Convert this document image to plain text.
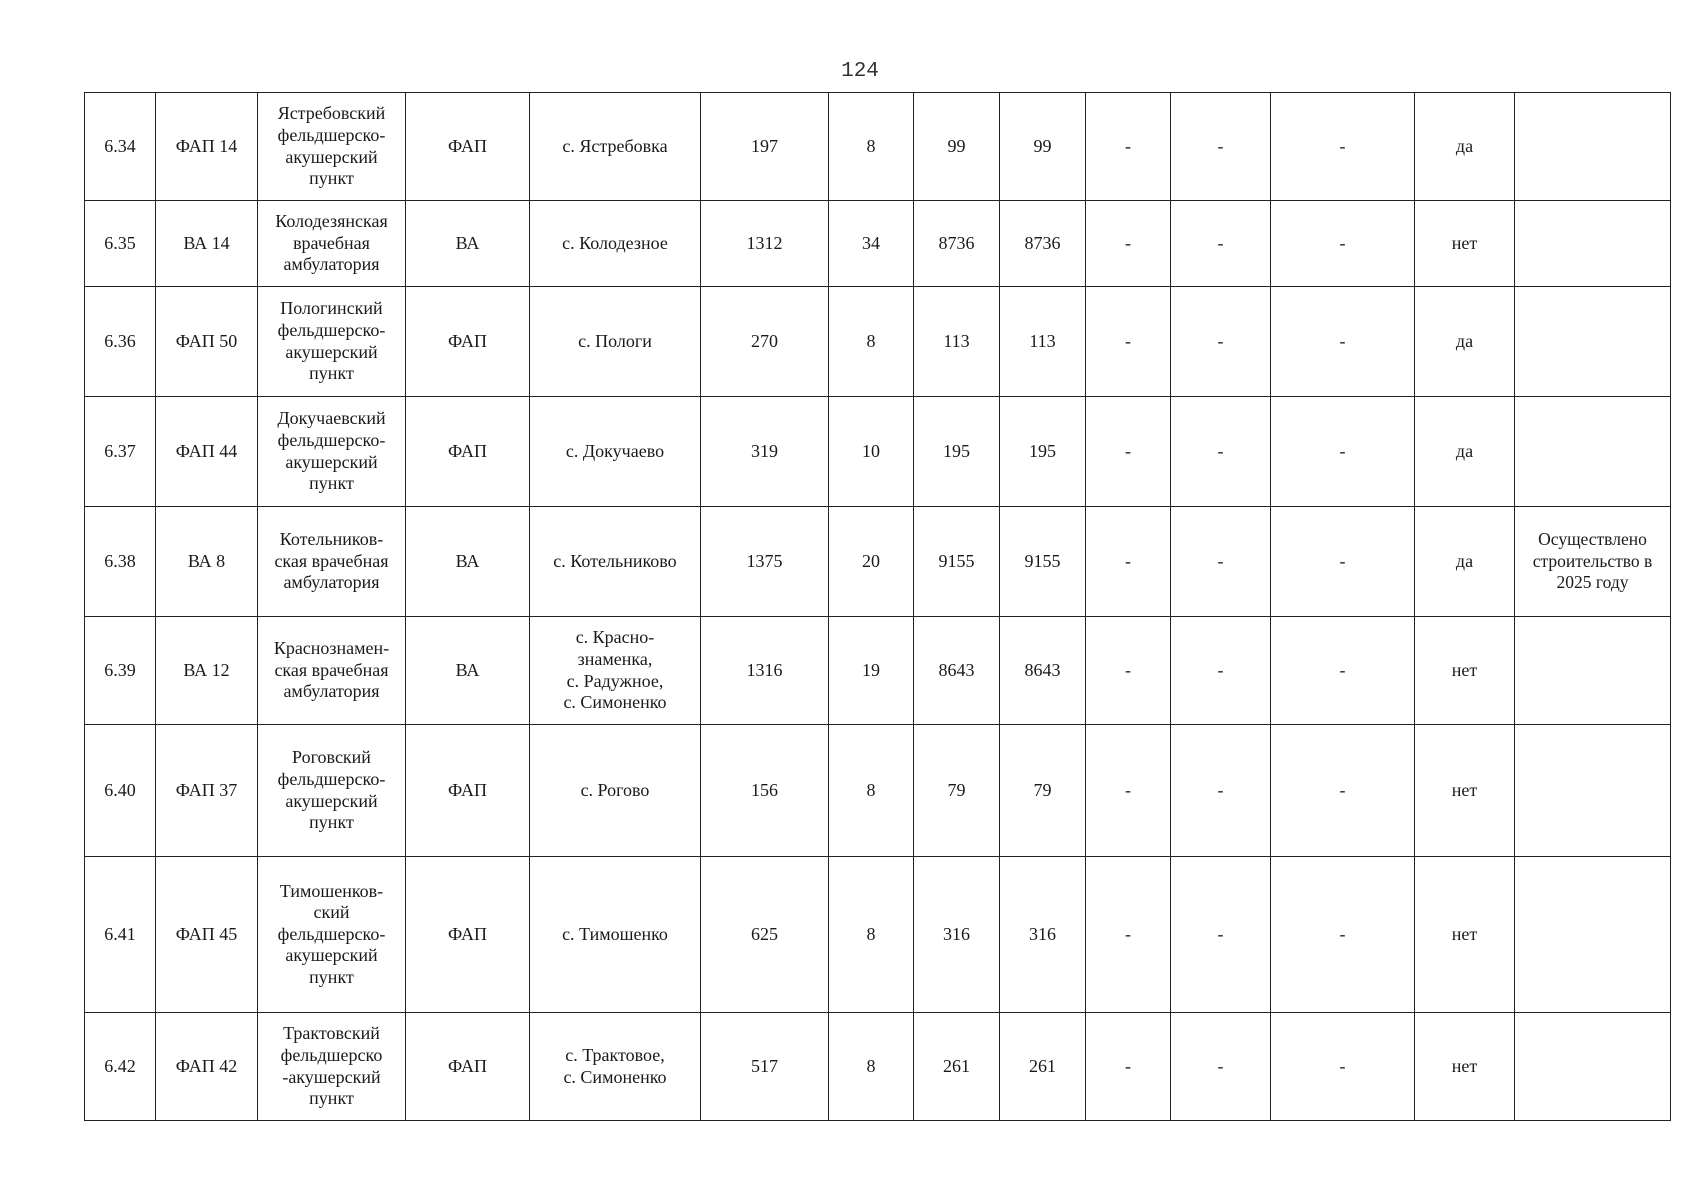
124
6.34	ФАП 14	Ястребовский
фельдшерско-
акушерский
пункт	ФАП	с. Ястребовка	197	8	99	99	-	-	-	да	

6.35	ВА 14	Колодезянская
врачебная
амбулатория	ВА	с. Колодезное	1312	34	8736	8736	-	-	-	нет	

6.36	ФАП 50	Пологинский
фельдшерско-
акушерский
пункт	ФАП	с. Пологи	270	8	113	113	-	-	-	да	

6.37	ФАП 44	Докучаевский
фельдшерско-
акушерский
пункт	ФАП	с. Докучаево	319	10	195	195	-	-	-	да	

6.38	ВА 8	Котельников-
ская врачебная
амбулатория	ВА	с. Котельниково	1375	20	9155	9155	-	-	-	да	Осуществлено
строительство в
2025 году

6.39	ВА 12	Краснознамен-
ская врачебная
амбулатория	ВА	с. Красно-
знаменка,
с. Радужное,
с. Симоненко	1316	19	8643	8643	-	-	-	нет	

6.40	ФАП 37	Роговский
фельдшерско-
акушерский
пункт	ФАП	с. Рогово	156	8	79	79	-	-	-	нет	

6.41	ФАП 45	Тимошенков-
ский
фельдшерско-
акушерский
пункт	ФАП	с. Тимошенко	625	8	316	316	-	-	-	нет	

6.42	ФАП 42	Трактовский
фельдшерско
-акушерский
пункт	ФАП	с. Трактовое,
с. Симоненко	517	8	261	261	-	-	-	нет	
